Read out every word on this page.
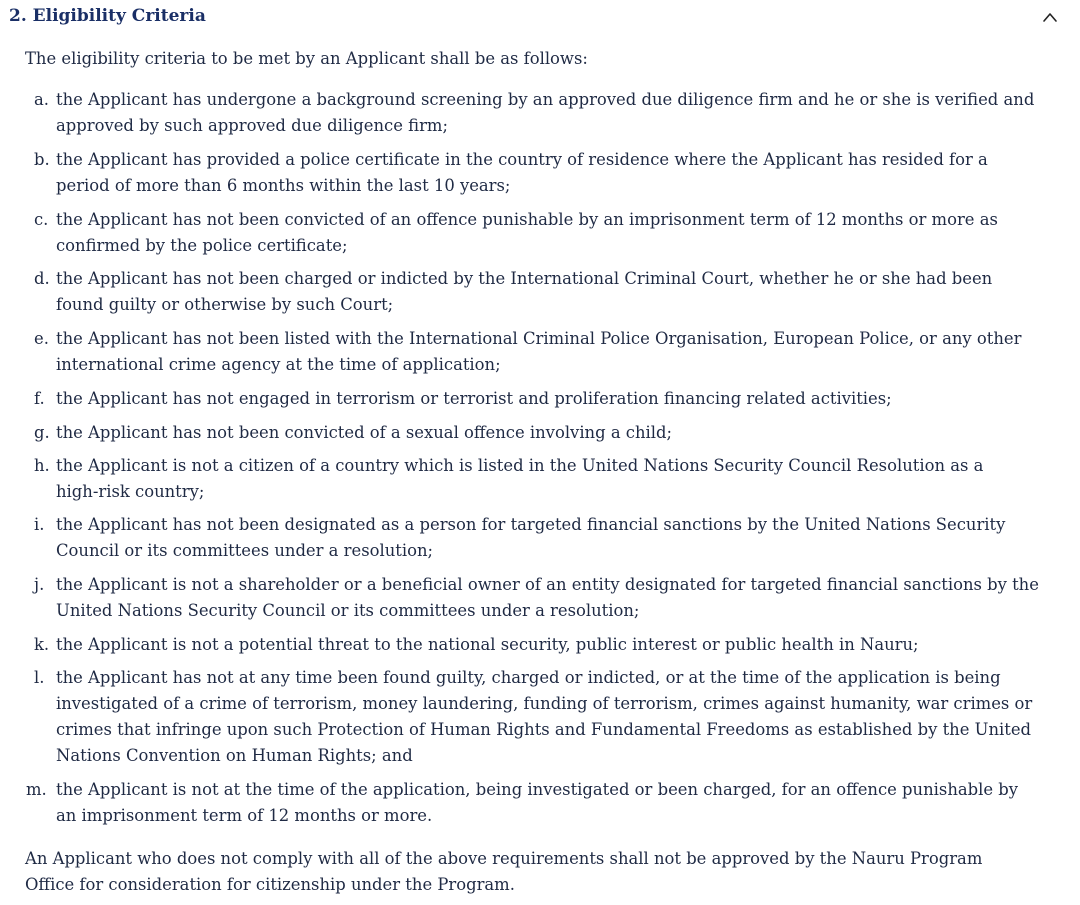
2. Eligibility Criteria

The eligibility criteria to be met by an Applicant shall be as follows:

a. the Applicant has undergone a background screening by an approved due diligence firm and he or she is verified and
approved by such approved due diligence firm;
b. the Applicant has provided a police certificate in the country of residence where the Applicant has resided for a
period of more than 6 months within the last 10 years;
c. the Applicant has not been convicted of an offence punishable by an imprisonment term of 12 months or more as
confirmed by the police certificate;
d. the Applicant has not been charged or indicted by the International Criminal Court, whether he or she had been
found guilty or otherwise by such Court;
e. the Applicant has not been listed with the International Criminal Police Organisation, European Police, or any other
international crime agency at the time of application;
f. the Applicant has not engaged in terrorism or terrorist and proliferation financing related activities;
g. the Applicant has not been convicted of a sexual offence involving a child;
h. the Applicant is not a citizen of a country which is listed in the United Nations Security Council Resolution as a
high-risk country;
i. the Applicant has not been designated as a person for targeted financial sanctions by the United Nations Security
Council or its committees under a resolution;
j. the Applicant is not a shareholder or a beneficial owner of an entity designated for targeted financial sanctions by the
United Nations Security Council or its committees under a resolution;
k. the Applicant is not a potential threat to the national security, public interest or public health in Nauru;
l. the Applicant has not at any time been found guilty, charged or indicted, or at the time of the application is being
investigated of a crime of terrorism, money laundering, funding of terrorism, crimes against humanity, war crimes or
crimes that infringe upon such Protection of Human Rights and Fundamental Freedoms as established by the United
Nations Convention on Human Rights; and
m. the Applicant is not at the time of the application, being investigated or been charged, for an offence punishable by
an imprisonment term of 12 months or more.

An Applicant who does not comply with all of the above requirements shall not be approved by the Nauru Program
Office for consideration for citizenship under the Program.
